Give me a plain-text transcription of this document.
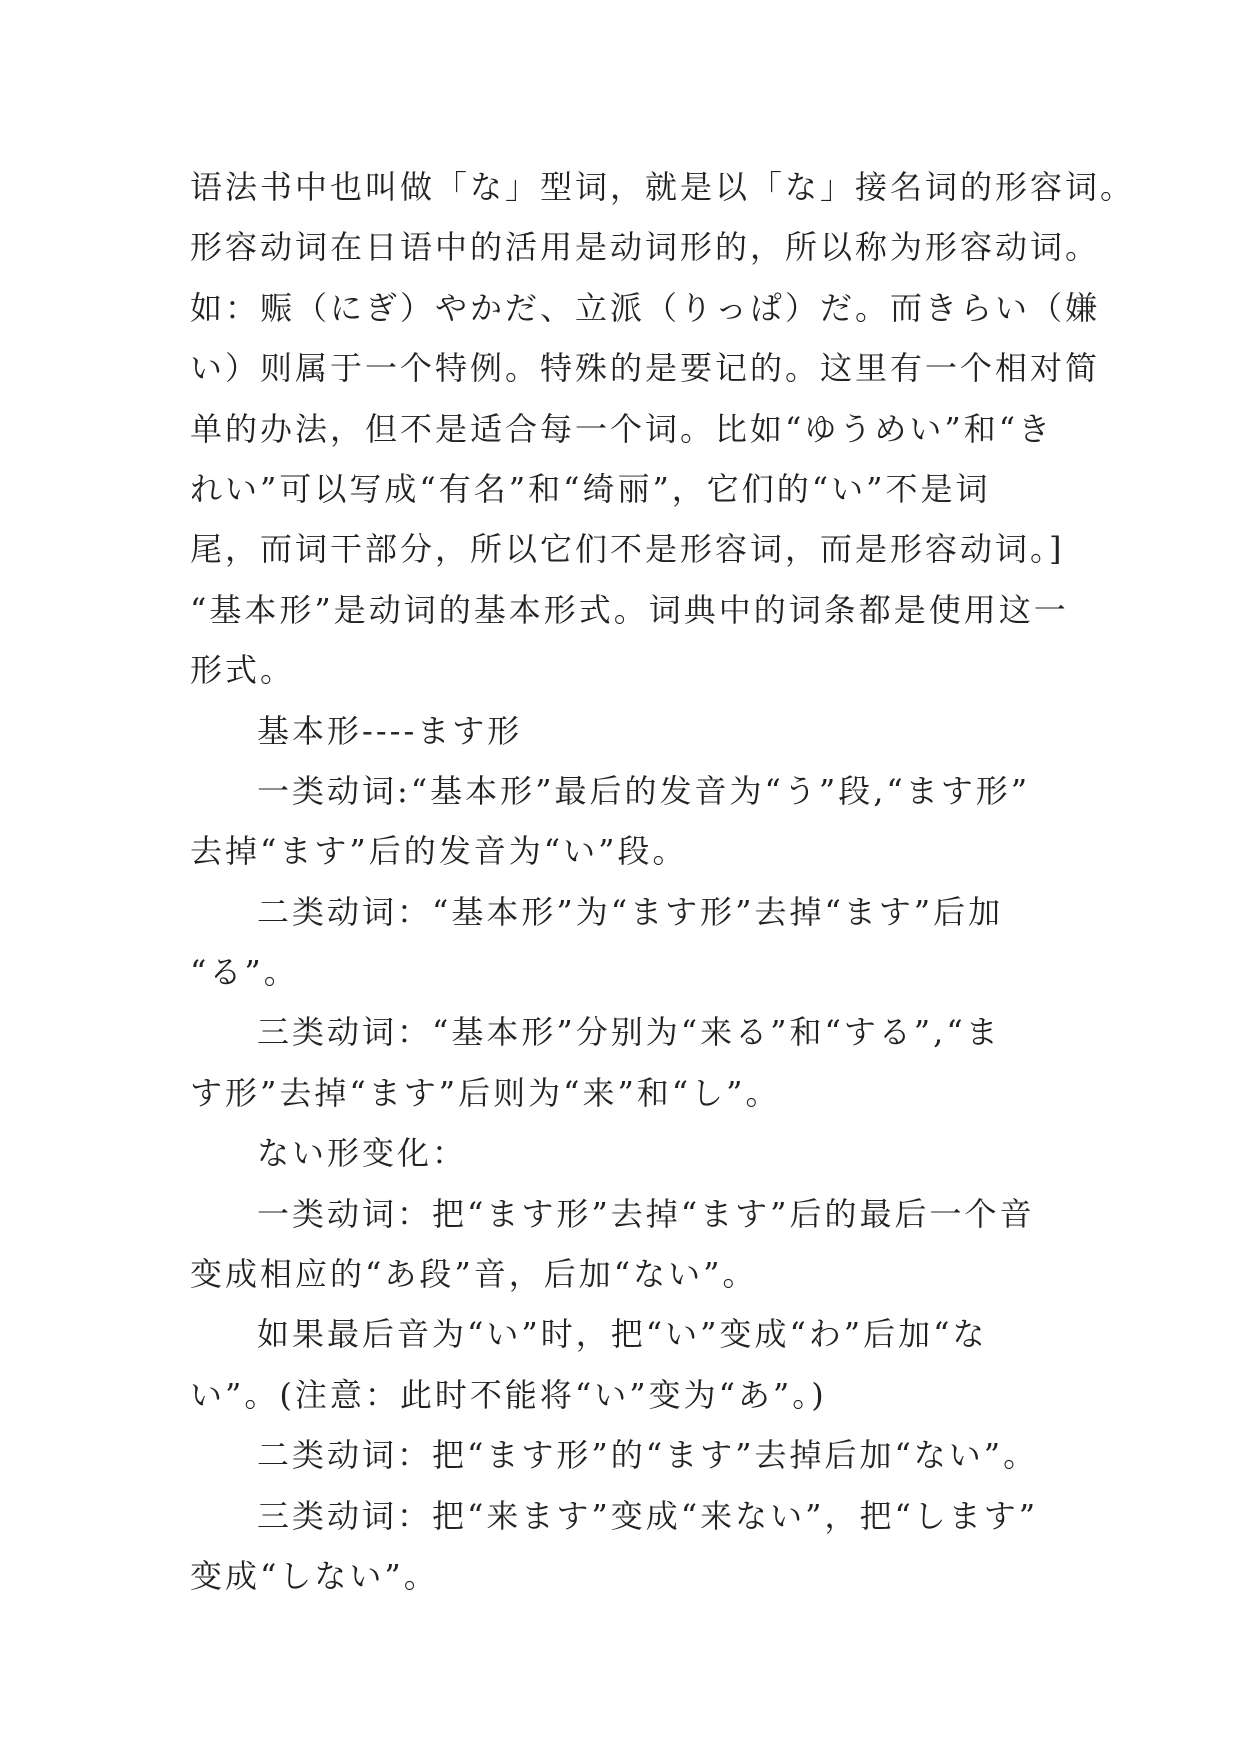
语法书中也叫做「な」型词，就是以「な」接名词的形容词。
形容动词在日语中的活用是动词形的，所以称为形容动词。
如：赈（にぎ）やかだ、立派（りっぱ）だ。而きらい（嫌
い）则属于一个特例。特殊的是要记的。这里有一个相对简
单的办法，但不是适合每一个词。比如“ゆうめい”和“き
れい”可以写成“有名”和“绮丽”，它们的“い”不是词
尾，而词干部分，所以它们不是形容词，而是形容动词。]
“基本形”是动词的基本形式。词典中的词条都是使用这一
形式。
基本形----ます形
一类动词:“基本形”最后的发音为“う”段,“ます形”
去掉“ます”后的发音为“い”段。
二类动词：“基本形”为“ます形”去掉“ます”后加
“る”。
三类动词：“基本形”分别为“来る”和“する”,“ま
す形”去掉“ます”后则为“来”和“し”。
ない形变化：
一类动词：把“ます形”去掉“ます”后的最后一个音
变成相应的“あ段”音，后加“ない”。
如果最后音为“い”时，把“い”变成“わ”后加“な
い”。(注意：此时不能将“い”变为“あ”。)
二类动词：把“ます形”的“ます”去掉后加“ない”。
三类动词：把“来ます”变成“来ない”，把“します”
变成“しない”。
